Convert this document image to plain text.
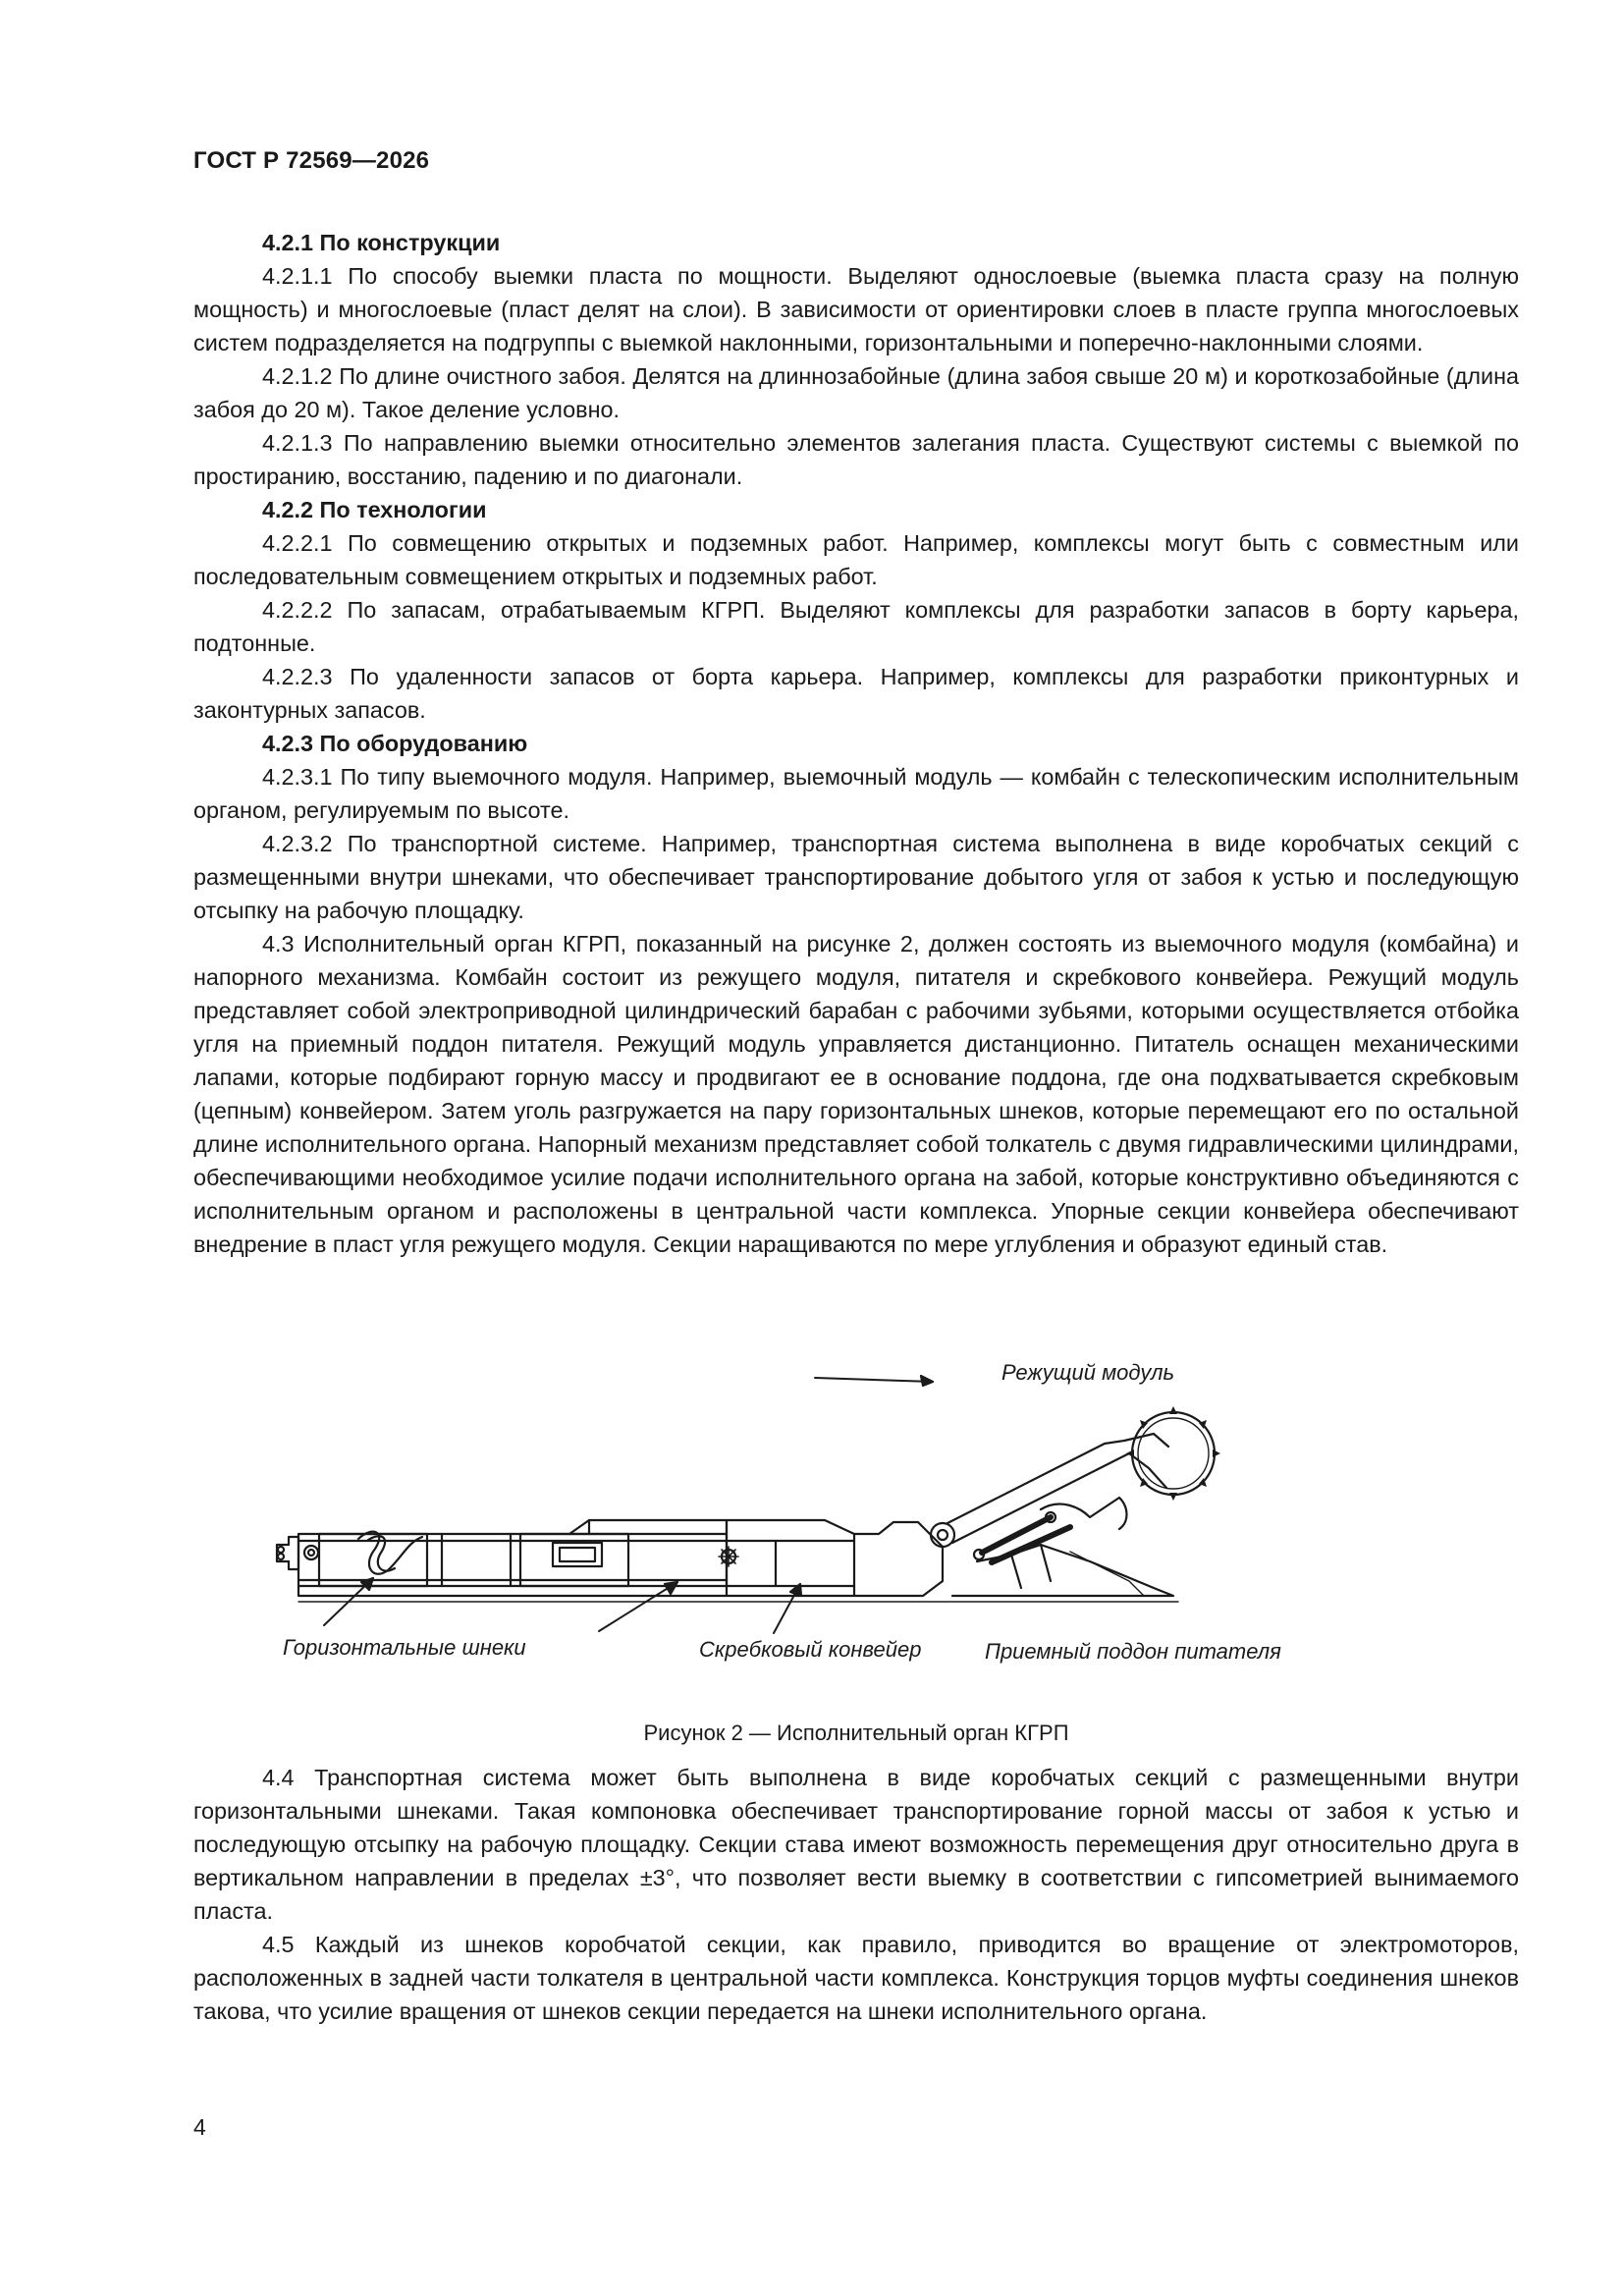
ГОСТ Р 72569—2026

4.2.1 По конструкции

4.2.1.1 По способу выемки пласта по мощности. Выделяют однослоевые (выемка пласта сразу на полную мощность) и многослоевые (пласт делят на слои). В зависимости от ориентировки слоев в пласте группа многослоевых систем подразделяется на подгруппы с выемкой наклонными, горизонтальными и поперечно-наклонными слоями.

4.2.1.2 По длине очистного забоя. Делятся на длиннозабойные (длина забоя свыше 20 м) и короткозабойные (длина забоя до 20 м). Такое деление условно.

4.2.1.3 По направлению выемки относительно элементов залегания пласта. Существуют системы с выемкой по простиранию, восстанию, падению и по диагонали.

4.2.2 По технологии

4.2.2.1 По совмещению открытых и подземных работ. Например, комплексы могут быть с совместным или последовательным совмещением открытых и подземных работ.

4.2.2.2 По запасам, отрабатываемым КГРП. Выделяют комплексы для разработки запасов в борту карьера, подтонные.

4.2.2.3 По удаленности запасов от борта карьера. Например, комплексы для разработки приконтурных и законтурных запасов.

4.2.3 По оборудованию

4.2.3.1 По типу выемочного модуля. Например, выемочный модуль — комбайн с телескопическим исполнительным органом, регулируемым по высоте.

4.2.3.2 По транспортной системе. Например, транспортная система выполнена в виде коробчатых секций с размещенными внутри шнеками, что обеспечивает транспортирование добытого угля от забоя к устью и последующую отсыпку на рабочую площадку.

4.3 Исполнительный орган КГРП, показанный на рисунке 2, должен состоять из выемочного модуля (комбайна) и напорного механизма. Комбайн состоит из режущего модуля, питателя и скребкового конвейера. Режущий модуль представляет собой электроприводной цилиндрический барабан с рабочими зубьями, которыми осуществляется отбойка угля на приемный поддон питателя. Режущий модуль управляется дистанционно. Питатель оснащен механическими лапами, которые подбирают горную массу и продвигают ее в основание поддона, где она подхватывается скребковым (цепным) конвейером. Затем уголь разгружается на пару горизонтальных шнеков, которые перемещают его по остальной длине исполнительного органа. Напорный механизм представляет собой толкатель с двумя гидравлическими цилиндрами, обеспечивающими необходимое усилие подачи исполнительного органа на забой, которые конструктивно объединяются с исполнительным органом и расположены в центральной части комплекса. Упорные секции конвейера обеспечивают внедрение в пласт угля режущего модуля. Секции наращиваются по мере углубления и образуют единый став.

Режущий модуль
Горизонтальные шнеки	Скребковый конвейер	Приемный поддон питателя
Рисунок 2 — Исполнительный орган КГРП

4.4 Транспортная система может быть выполнена в виде коробчатых секций с размещенными внутри горизонтальными шнеками. Такая компоновка обеспечивает транспортирование горной массы от забоя к устью и последующую отсыпку на рабочую площадку. Секции става имеют возможность перемещения друг относительно друга в вертикальном направлении в пределах ±3°, что позволяет вести выемку в соответствии с гипсометрией вынимаемого пласта.

4.5 Каждый из шнеков коробчатой секции, как правило, приводится во вращение от электромоторов, расположенных в задней части толкателя в центральной части комплекса. Конструкция торцов муфты соединения шнеков такова, что усилие вращения от шнеков секции передается на шнеки исполнительного органа.

4
